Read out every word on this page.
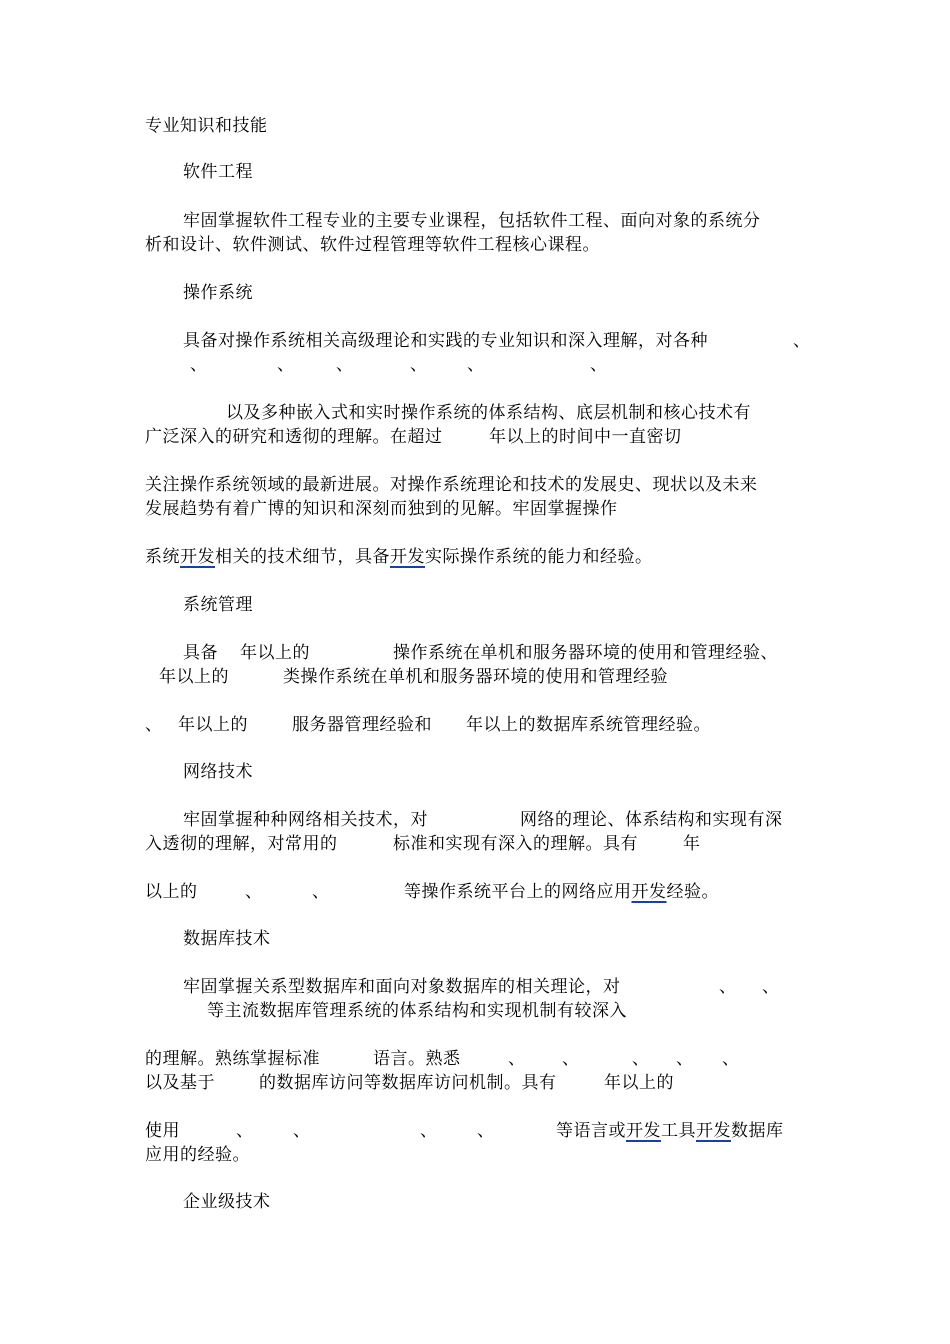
专业知识和技能
软件工程
牢固掌握软件工程专业的主要专业课程，包括软件工程、面向对象的系统分
析和设计、软件测试、软件过程管理等软件工程核心课程。
操作系统
具备对操作系统相关高级理论和实践的专业知识和深入理解，对各种	、
、	、 、	、 、	、
以及多种嵌入式和实时操作系统的体系结构、底层机制和核心技术有
广泛深入的研究和透彻的理解。在超过	年以上的时间中一直密切
关注操作系统领域的最新进展。对操作系统理论和技术的发展史、现状以及未来
发展趋势有着广博的知识和深刻而独到的见解。牢固掌握操作
系统开发相关的技术细节，具备开发实际操作系统的能力和经验。
系统管理
具备 年以上的	操作系统在单机和服务器环境的使用和管理经验、
年以上的	类操作系统在单机和服务器环境的使用和管理经验
、 年以上的	服务器管理经验和 年以上的数据库系统管理经验。
网络技术
牢固掌握种种网络相关技术，对	网络的理论、体系结构和实现有深
入透彻的理解，对常用的	标准和实现有深入的理解。具有	年
以上的	、	、	等操作系统平台上的网络应用开发经验。
数据库技术
牢固掌握关系型数据库和面向对象数据库的相关理论，对	、 、
等主流数据库管理系统的体系结构和实现机制有较深入
的理解。熟练掌握标准	语言。熟悉	、 、	、 、 、
以及基于	的数据库访问等数据库访问机制。具有	年以上的
使用	、 、	、 、	等语言或开发工具开发数据库
应用的经验。
企业级技术
